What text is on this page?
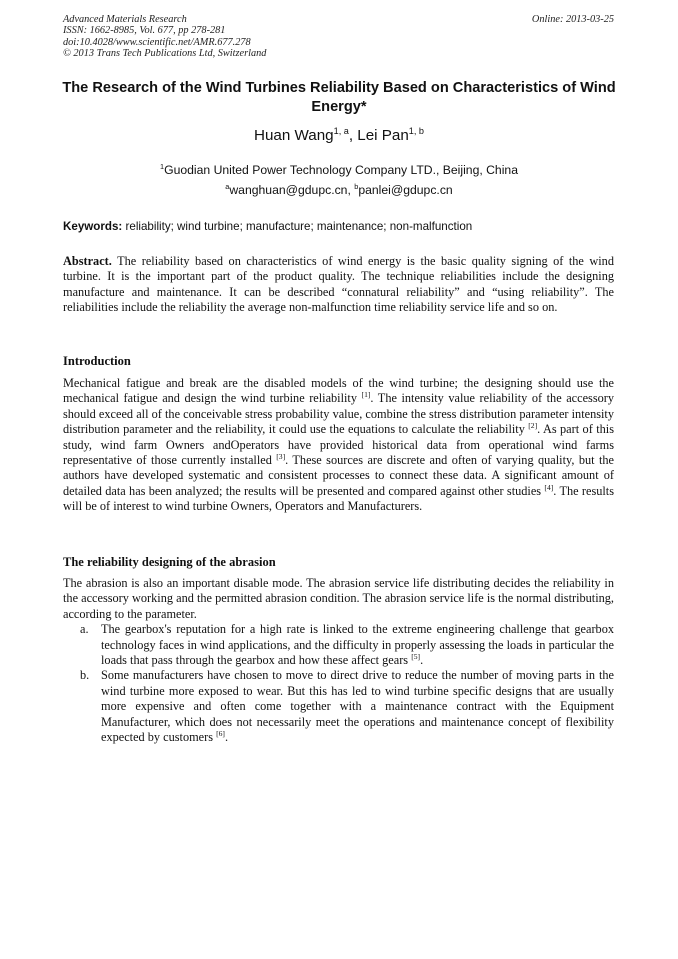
Advanced Materials Research
ISSN: 1662-8985, Vol. 677, pp 278-281
doi:10.4028/www.scientific.net/AMR.677.278
© 2013 Trans Tech Publications Ltd, Switzerland
Online: 2013-03-25
The Research of the Wind Turbines Reliability Based on Characteristics of Wind Energy*
Huan Wang$^{1, a}$, Lei Pan$^{1, b}$
$^1$Guodian United Power Technology Company LTD., Beijing, China
$^a$wanghuan@gdupc.cn, $^b$panlei@gdupc.cn
Keywords: reliability; wind turbine; manufacture; maintenance; non-malfunction
Abstract. The reliability based on characteristics of wind energy is the basic quality signing of the wind turbine. It is the important part of the product quality. The technique reliabilities include the designing manufacture and maintenance. It can be described “connatural reliability” and “using reliability”. The reliabilities include the reliability the average non-malfunction time reliability service life and so on.
Introduction
Mechanical fatigue and break are the disabled models of the wind turbine; the designing should use the mechanical fatigue and design the wind turbine reliability [1]. The intensity value reliability of the accessory should exceed all of the conceivable stress probability value, combine the stress distribution parameter intensity distribution parameter and the reliability, it could use the equations to calculate the reliability [2]. As part of this study, wind farm Owners andOperators have provided historical data from operational wind farms representative of those currently installed [3]. These sources are discrete and often of varying quality, but the authors have developed systematic and consistent processes to connect these data. A significant amount of detailed data has been analyzed; the results will be presented and compared against other studies [4]. The results will be of interest to wind turbine Owners, Operators and Manufacturers.
The reliability designing of the abrasion

The abrasion is also an important disable mode. The abrasion service life distributing decides the reliability in the accessory working and the permitted abrasion condition. The abrasion service life is the normal distributing, according to the parameter.

a. The gearbox's reputation for a high rate is linked to the extreme engineering challenge that gearbox technology faces in wind applications, and the difficulty in properly assessing the loads in particular the loads that pass through the gearbox and how these affect gears [5].
b. Some manufacturers have chosen to move to direct drive to reduce the number of moving parts in the wind turbine more exposed to wear. But this has led to wind turbine specific designs that are usually more expensive and often come together with a maintenance contract with the Equipment Manufacturer, which does not necessarily meet the operations and maintenance concept of flexibility expected by customers [6].
